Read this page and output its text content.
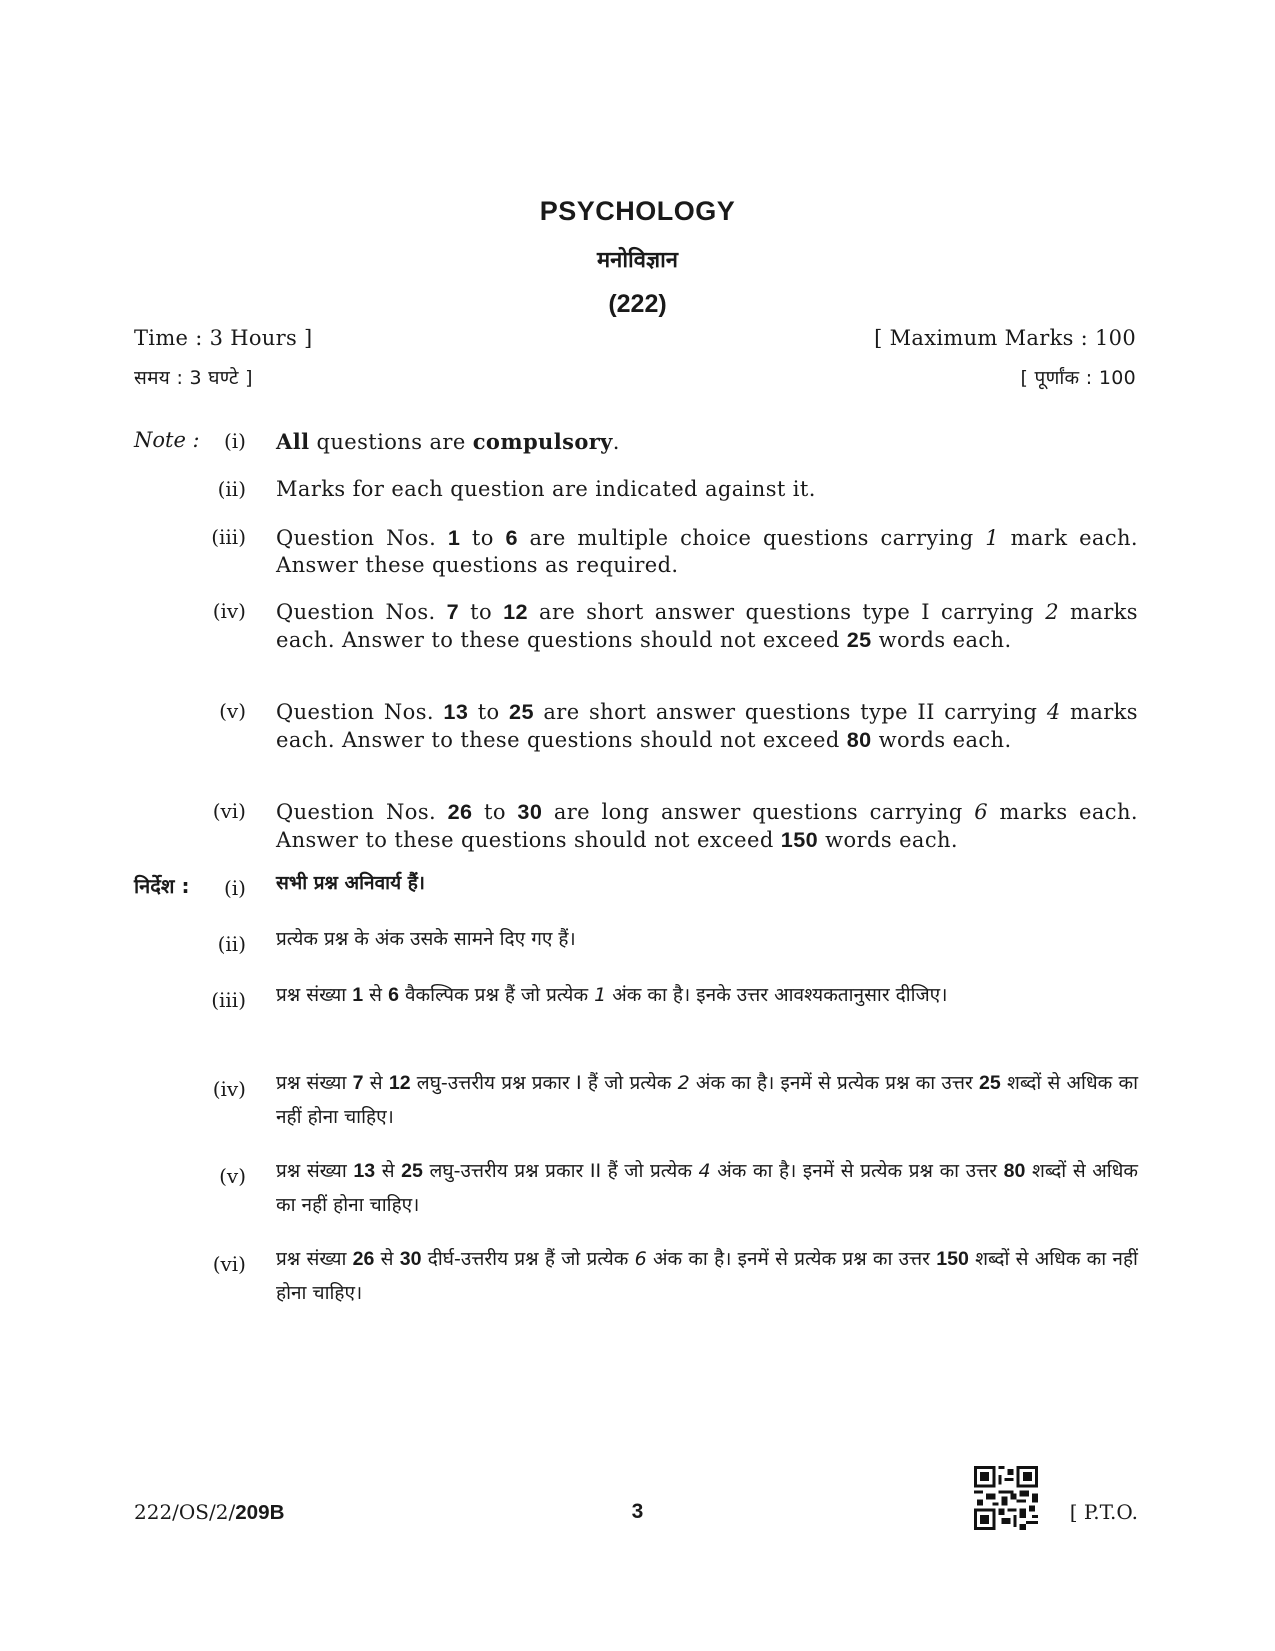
PSYCHOLOGY
मनोविज्ञान
(222)
Time : 3 Hours ]	[ Maximum Marks : 100
समय : 3 घण्टे ]	[ पूर्णांक : 100
Note :	(i) All questions are compulsory.
(ii) Marks for each question are indicated against it.
(iii) Question Nos. 1 to 6 are multiple choice questions carrying 1 mark each. Answer these questions as required.
(iv) Question Nos. 7 to 12 are short answer questions type I carrying 2 marks each. Answer to these questions should not exceed 25 words each.
(v) Question Nos. 13 to 25 are short answer questions type II carrying 4 marks each. Answer to these questions should not exceed 80 words each.
(vi) Question Nos. 26 to 30 are long answer questions carrying 6 marks each. Answer to these questions should not exceed 150 words each.
निर्देश :	(i) सभी प्रश्न अनिवार्य हैं।
(ii) प्रत्येक प्रश्न के अंक उसके सामने दिए गए हैं।
(iii) प्रश्न संख्या 1 से 6 वैकल्पिक प्रश्न हैं जो प्रत्येक 1 अंक का है। इनके उत्तर आवश्यकतानुसार दीजिए।
(iv) प्रश्न संख्या 7 से 12 लघु-उत्तरीय प्रश्न प्रकार I हैं जो प्रत्येक 2 अंक का है। इनमें से प्रत्येक प्रश्न का उत्तर 25 शब्दों से अधिक का नहीं होना चाहिए।
(v) प्रश्न संख्या 13 से 25 लघु-उत्तरीय प्रश्न प्रकार II हैं जो प्रत्येक 4 अंक का है। इनमें से प्रत्येक प्रश्न का उत्तर 80 शब्दों से अधिक का नहीं होना चाहिए।
(vi) प्रश्न संख्या 26 से 30 दीर्घ-उत्तरीय प्रश्न हैं जो प्रत्येक 6 अंक का है। इनमें से प्रत्येक प्रश्न का उत्तर 150 शब्दों से अधिक का नहीं होना चाहिए।
222/OS/2/209B	3	[ P.T.O.
